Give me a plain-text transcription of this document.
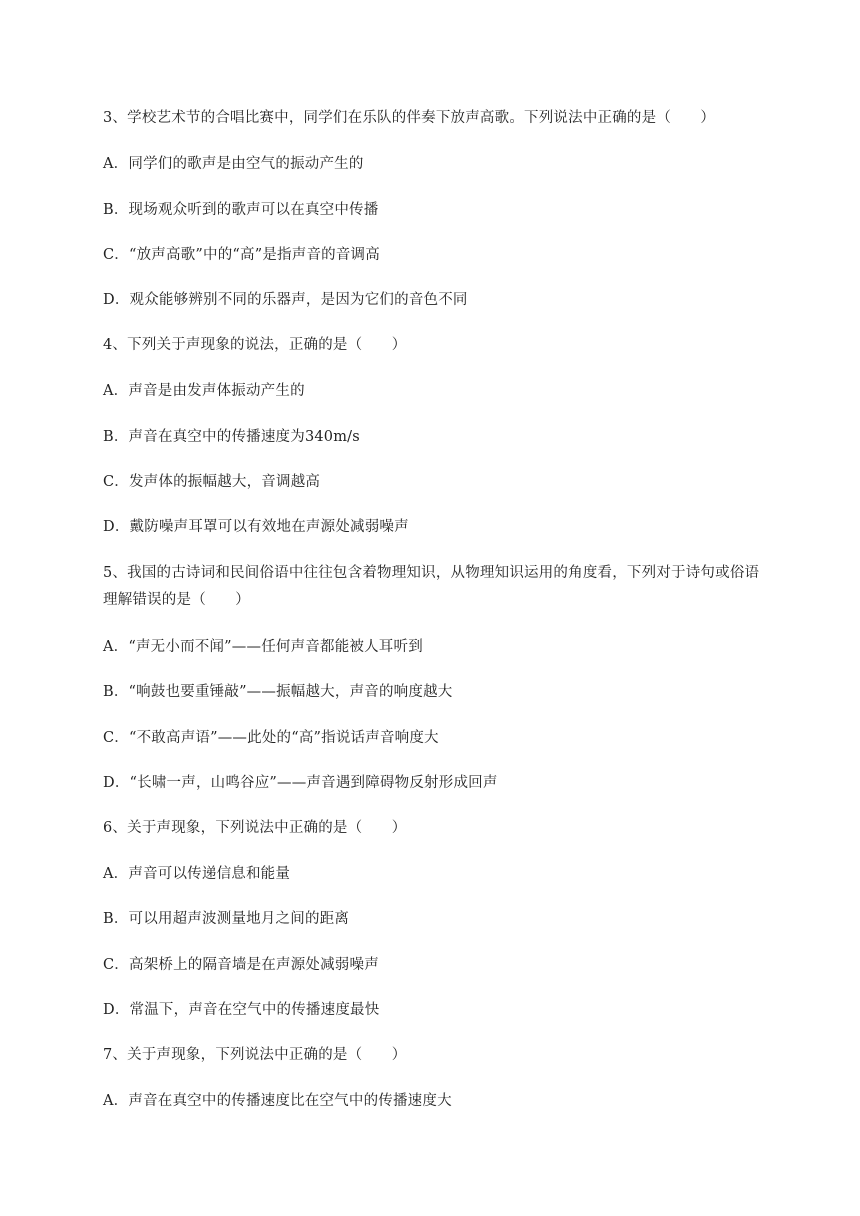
3、学校艺术节的合唱比赛中，同学们在乐队的伴奏下放声高歌。下列说法中正确的是（　　）
A．同学们的歌声是由空气的振动产生的
B．现场观众听到的歌声可以在真空中传播
C．“放声高歌”中的“高”是指声音的音调高
D．观众能够辨别不同的乐器声，是因为它们的音色不同
4、下列关于声现象的说法，正确的是（　　）
A．声音是由发声体振动产生的
B．声音在真空中的传播速度为340m/s
C．发声体的振幅越大，音调越高
D．戴防噪声耳罩可以有效地在声源处减弱噪声
5、我国的古诗词和民间俗语中往往包含着物理知识，从物理知识运用的角度看，下列对于诗句或俗语
理解错误的是（　　）
A．“声无小而不闻”——任何声音都能被人耳听到
B．“响鼓也要重锤敲”——振幅越大，声音的响度越大
C．“不敢高声语”——此处的“高”指说话声音响度大
D．“长啸一声，山鸣谷应”——声音遇到障碍物反射形成回声
6、关于声现象，下列说法中正确的是（　　）
A．声音可以传递信息和能量
B．可以用超声波测量地月之间的距离
C．高架桥上的隔音墙是在声源处减弱噪声
D．常温下，声音在空气中的传播速度最快
7、关于声现象，下列说法中正确的是（　　）
A．声音在真空中的传播速度比在空气中的传播速度大
